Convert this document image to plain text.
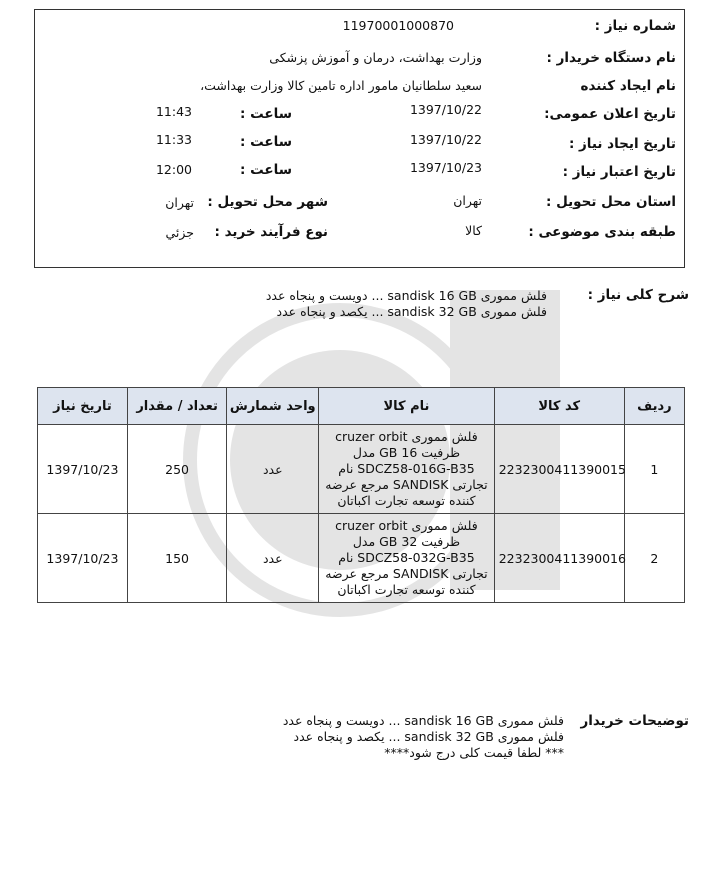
شماره نیاز :
11970001000870
نام دستگاه خریدار :
وزارت بهداشت، درمان و آموزش پزشکی
نام ایجاد کننده
سعید سلطانیان مامور اداره تامین کالا وزارت بهداشت،
تاریخ اعلان عمومی:
1397/10/22
ساعت :
11:43
تاریخ ایجاد نیاز :
1397/10/22
ساعت :
11:33
تاریخ اعتبار نیاز :
1397/10/23
ساعت :
12:00
استان محل تحویل :
تهران
شهر محل تحویل :
تهران
طبقه بندی موضوعی :
کالا
نوع فرآیند خرید :
جزئي
شرح کلی نیاز :
فلش مموری sandisk 16 GB ... دویست و پنجاه عدد
فلش مموری sandisk 32 GB ... یکصد و پنجاه عدد
ردیف	کد کالا	نام کالا	واحد شمارش	تعداد / مقدار	تاریخ نیاز
1	2232300411390015	فلش مموری cruzer orbit
ظرفیت 16 GB مدل
SDCZ58-016G-B35 نام
تجارتی SANDISK مرجع عرضه
کننده توسعه تجارت اکباتان	عدد	250	1397/10/23
2	2232300411390016	فلش مموری cruzer orbit
ظرفیت 32 GB مدل
SDCZ58-032G-B35 نام
تجارتی SANDISK مرجع عرضه
کننده توسعه تجارت اکباتان	عدد	150	1397/10/23
توضیحات خریدار
فلش مموری sandisk 16 GB ... دویست و پنجاه عدد
فلش مموری sandisk 32 GB ... یکصد و پنجاه عدد
*** لطفا قیمت کلی درج شود****
